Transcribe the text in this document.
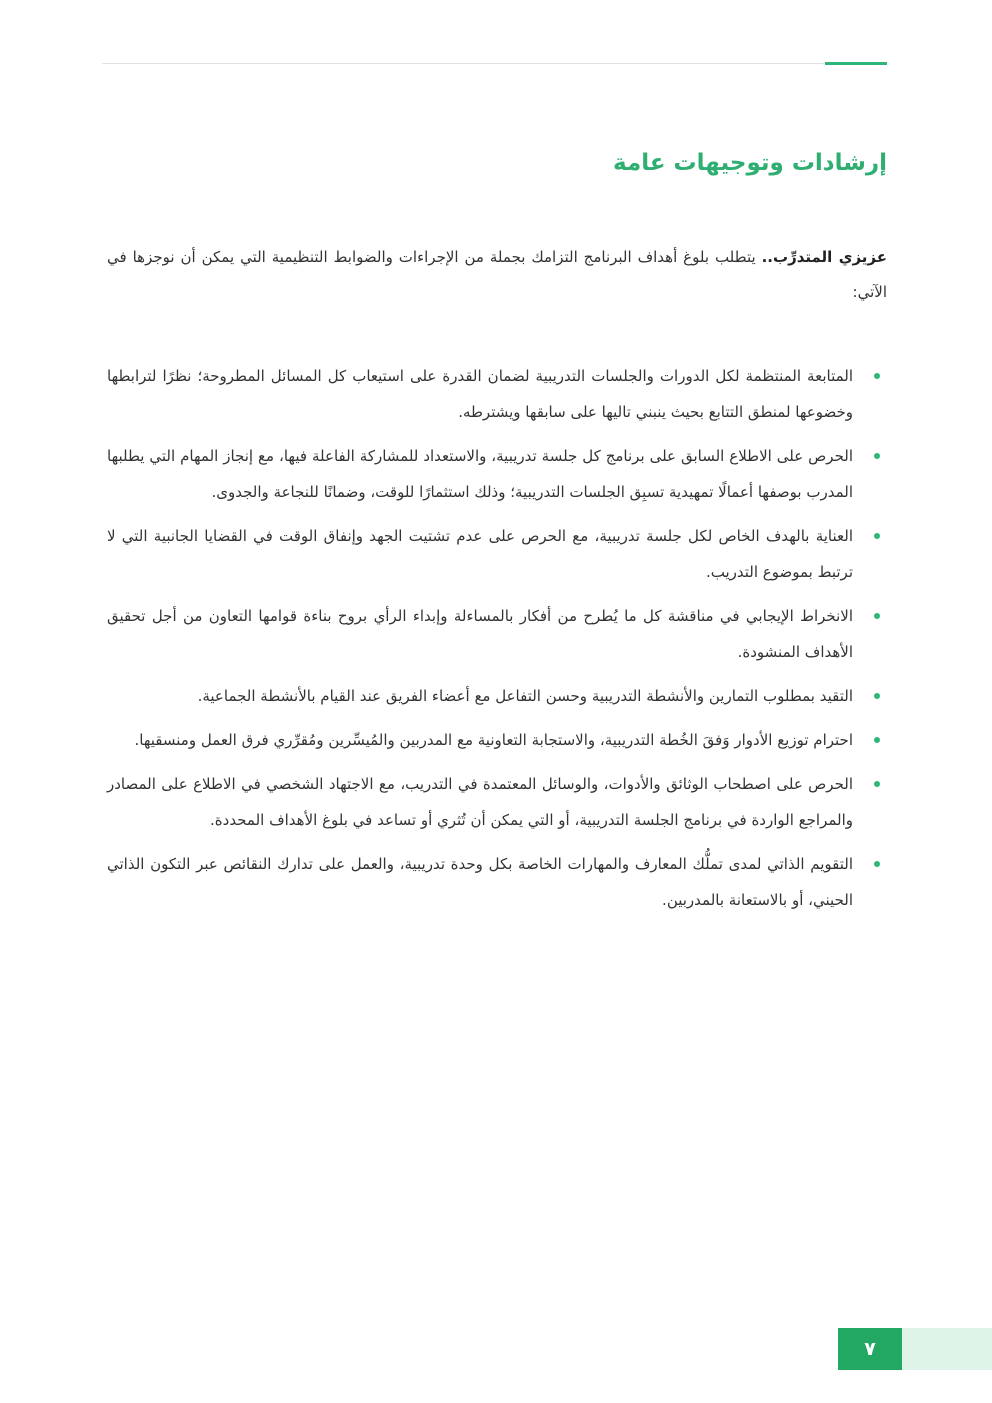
إرشادات وتوجيهات عامة

عزيزي المتدرِّب.. يتطلب بلوغ أهداف البرنامج التزامك بجملة من الإجراءات والضوابط التنظيمية التي يمكن أن نوجزها في الآتي:

المتابعة المنتظمة لكل الدورات والجلسات التدريبية لضمان القدرة على استيعاب كل المسائل المطروحة؛ نظرًا لترابطها وخضوعها لمنطق التتابع بحيث ينبني تاليها على سابقها ويشترطه.
الحرص على الاطلاع السابق على برنامج كل جلسة تدريبية، والاستعداد للمشاركة الفاعلة فيها، مع إنجاز المهام التي يطلبها المدرب بوصفها أعمالًا تمهيدية تسبِق الجلسات التدريبية؛ وذلك استثمارًا للوقت، وضمانًا للنجاعة والجدوى.
العناية بالهدف الخاص لكل جلسة تدريبية، مع الحرص على عدم تشتيت الجهد وإنفاق الوقت في القضايا الجانبية التي لا ترتبط بموضوع التدريب.
الانخراط الإيجابي في مناقشة كل ما يُطرح من أفكار بالمساءلة وإبداء الرأي بروح بناءة قوامها التعاون من أجل تحقيق الأهداف المنشودة.
التقيد بمطلوب التمارين والأنشطة التدريبية وحسن التفاعل مع أعضاء الفريق عند القيام بالأنشطة الجماعية.
احترام توزيع الأدوار وَفقَ الخُطة التدريبية، والاستجابة التعاونية مع المدربين والمُيسِّرين ومُقرِّري فرق العمل ومنسقيها.
الحرص على اصطحاب الوثائق والأدوات، والوسائل المعتمدة في التدريب، مع الاجتهاد الشخصي في الاطلاع على المصادر والمراجع الواردة في برنامج الجلسة التدريبية، أو التي يمكن أن تُثري أو تساعد في بلوغ الأهداف المحددة.
التقويم الذاتي لمدى تملُّك المعارف والمهارات الخاصة بكل وحدة تدريبية، والعمل على تدارك النقائص عبر التكون الذاتي الحيني، أو بالاستعانة بالمدربين.
٧
